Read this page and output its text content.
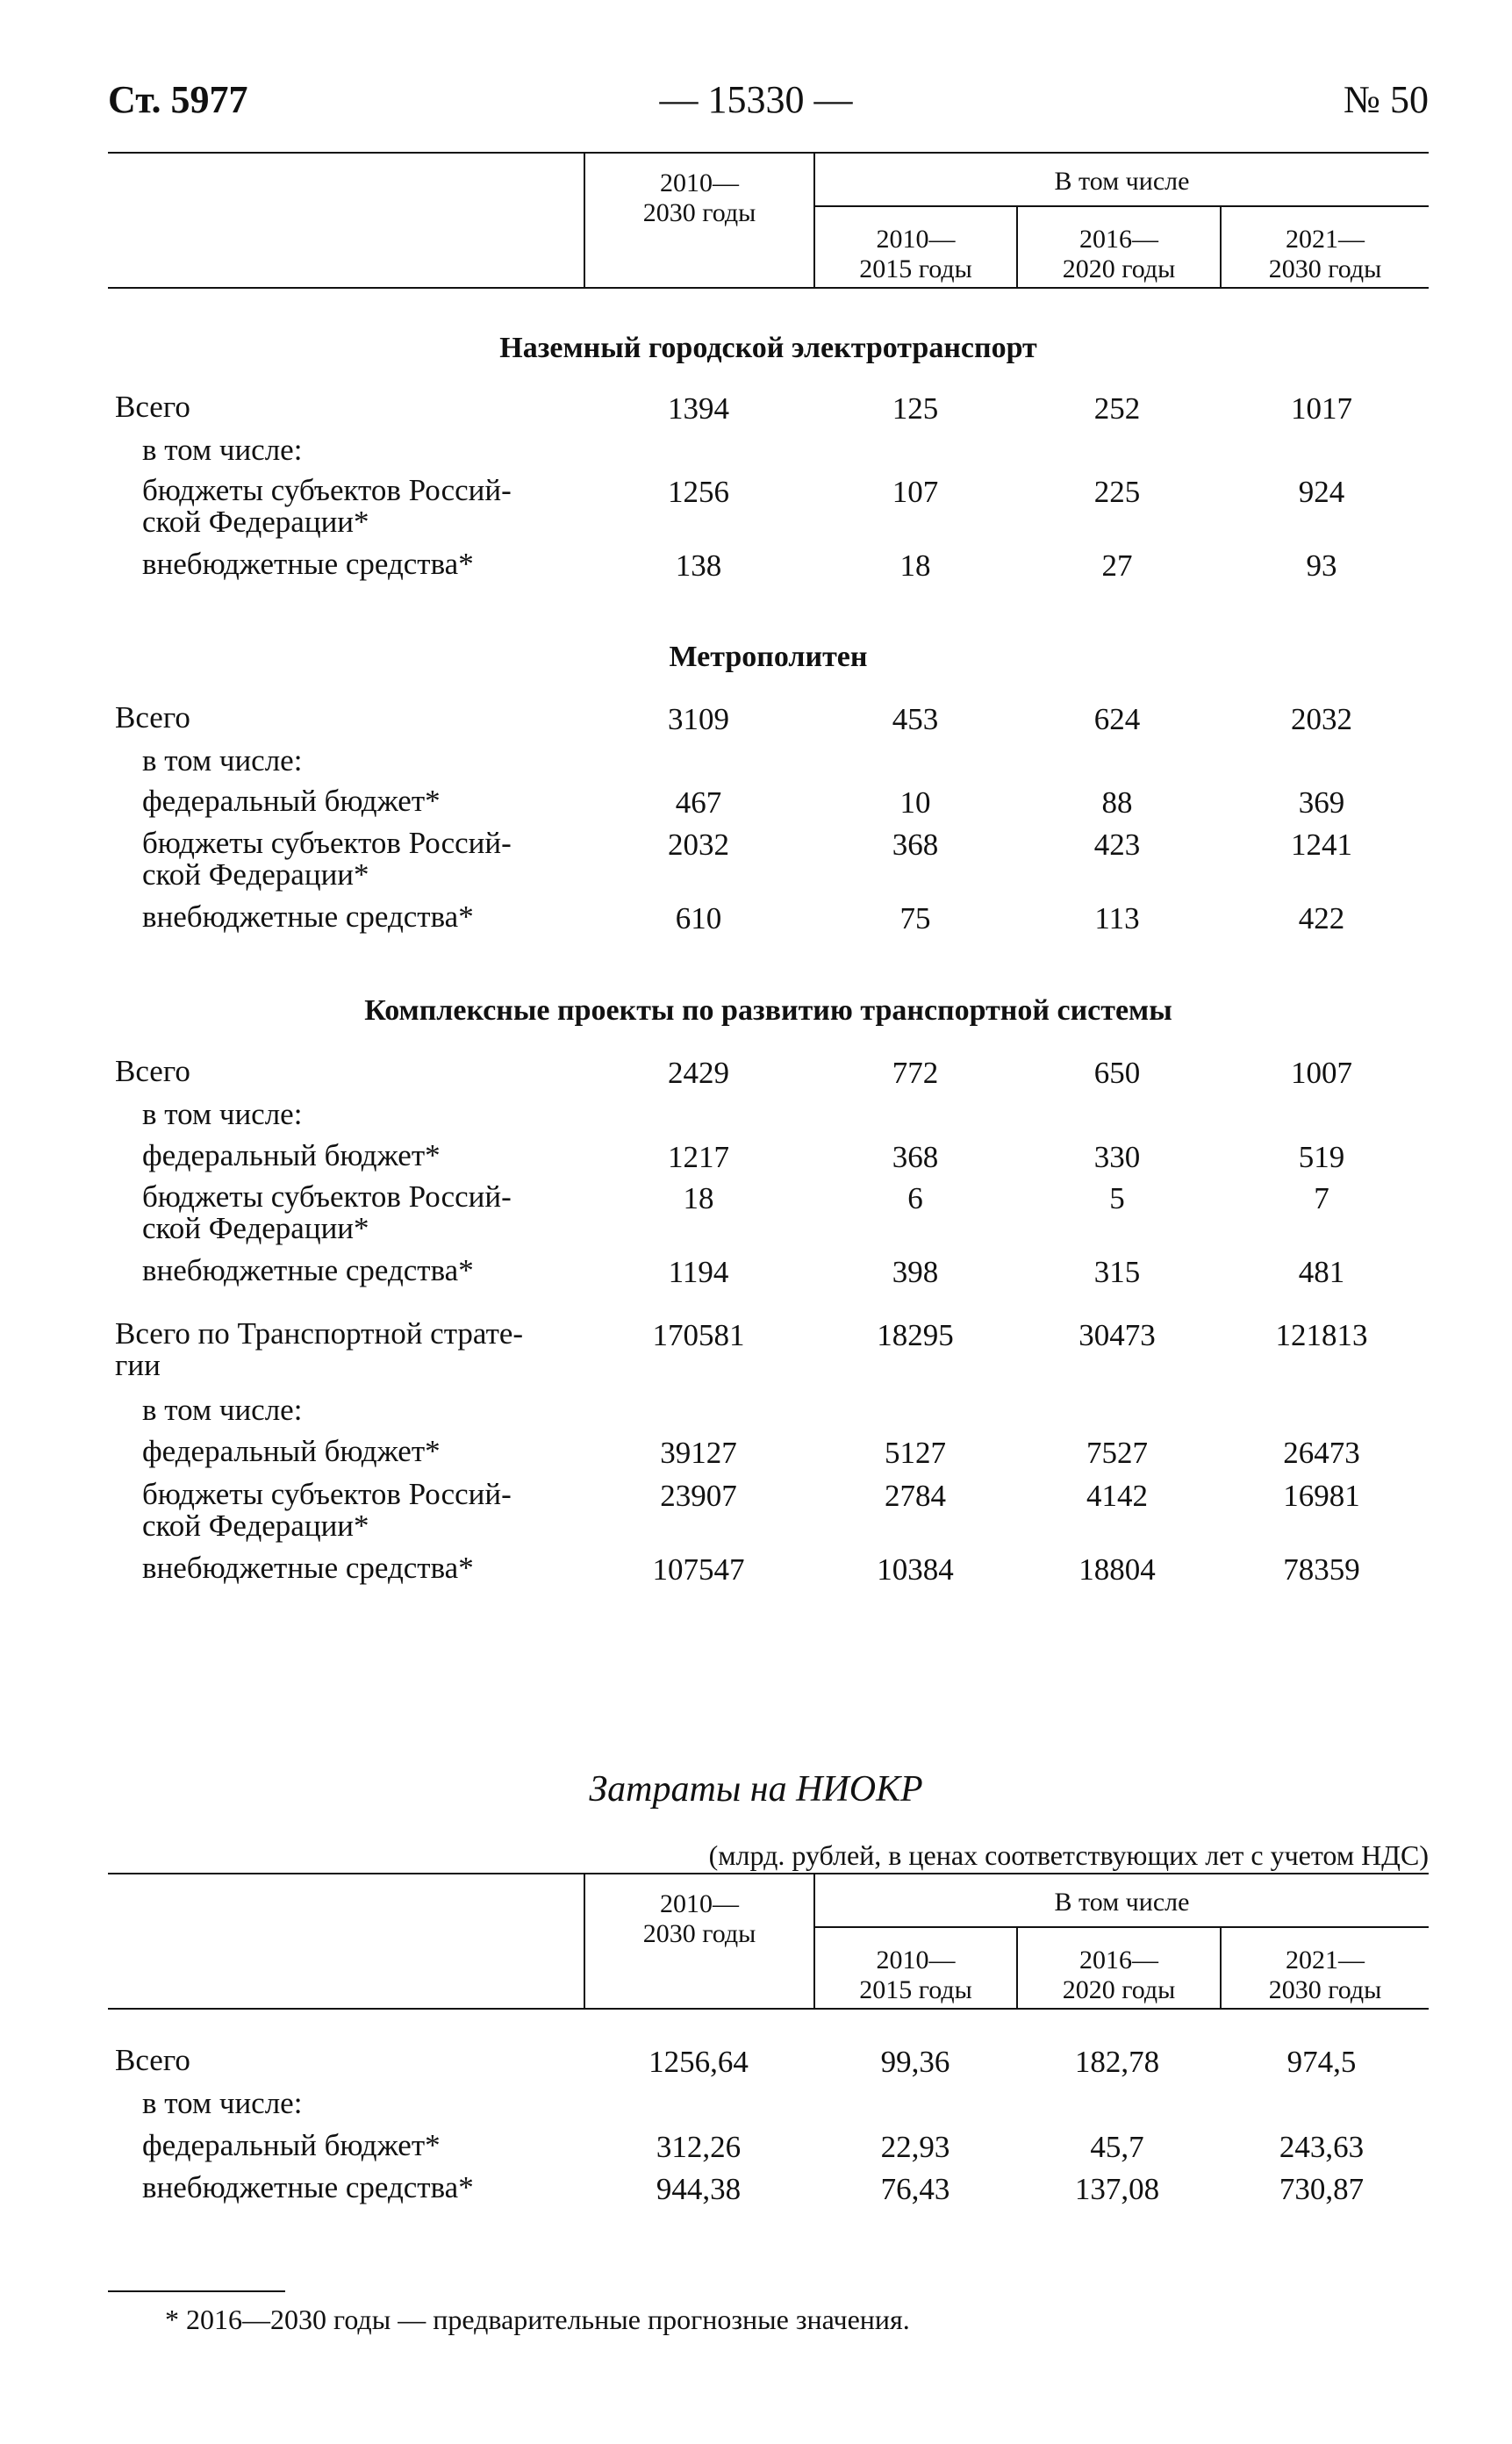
Ст. 5977	— 15330 —	№ 50
2010—
2030 годы
В том числе
2010—
2015 годы
2016—
2020 годы
2021—
2030 годы
Наземный городской электротранспорт
Всего	1394	125	252	1017
в том числе:
бюджеты субъектов Россий-
ской Федерации*
1256	107	225	924
внебюджетные средства*	138	18	27	93
Метрополитен
Всего	3109	453	624	2032
в том числе:
федеральный бюджет*	467	10	88	369
бюджеты субъектов Россий-
ской Федерации*
2032	368	423	1241
внебюджетные средства*	610	75	113	422
Комплексные проекты по развитию транспортной системы
Всего	2429	772	650	1007
в том числе:
федеральный бюджет*	1217	368	330	519
бюджеты субъектов Россий-
ской Федерации*
18	6	5	7
внебюджетные средства*	1194	398	315	481
Всего по Транспортной страте-
гии
170581	18295	30473	121813
в том числе:
федеральный бюджет*	39127	5127	7527	26473
бюджеты субъектов Россий-
ской Федерации*
23907	2784	4142	16981
внебюджетные средства*	107547	10384	18804	78359
Затраты на НИОКР
(млрд. рублей, в ценах соответствующих лет с учетом НДС)
2010—
2030 годы
В том числе
2010—
2015 годы
2016—
2020 годы
2021—
2030 годы
Всего	1256,64	99,36	182,78	974,5
в том числе:
федеральный бюджет*	312,26	22,93	45,7	243,63
внебюджетные средства*	944,38	76,43	137,08	730,87
* 2016—2030 годы — предварительные прогнозные значения.
